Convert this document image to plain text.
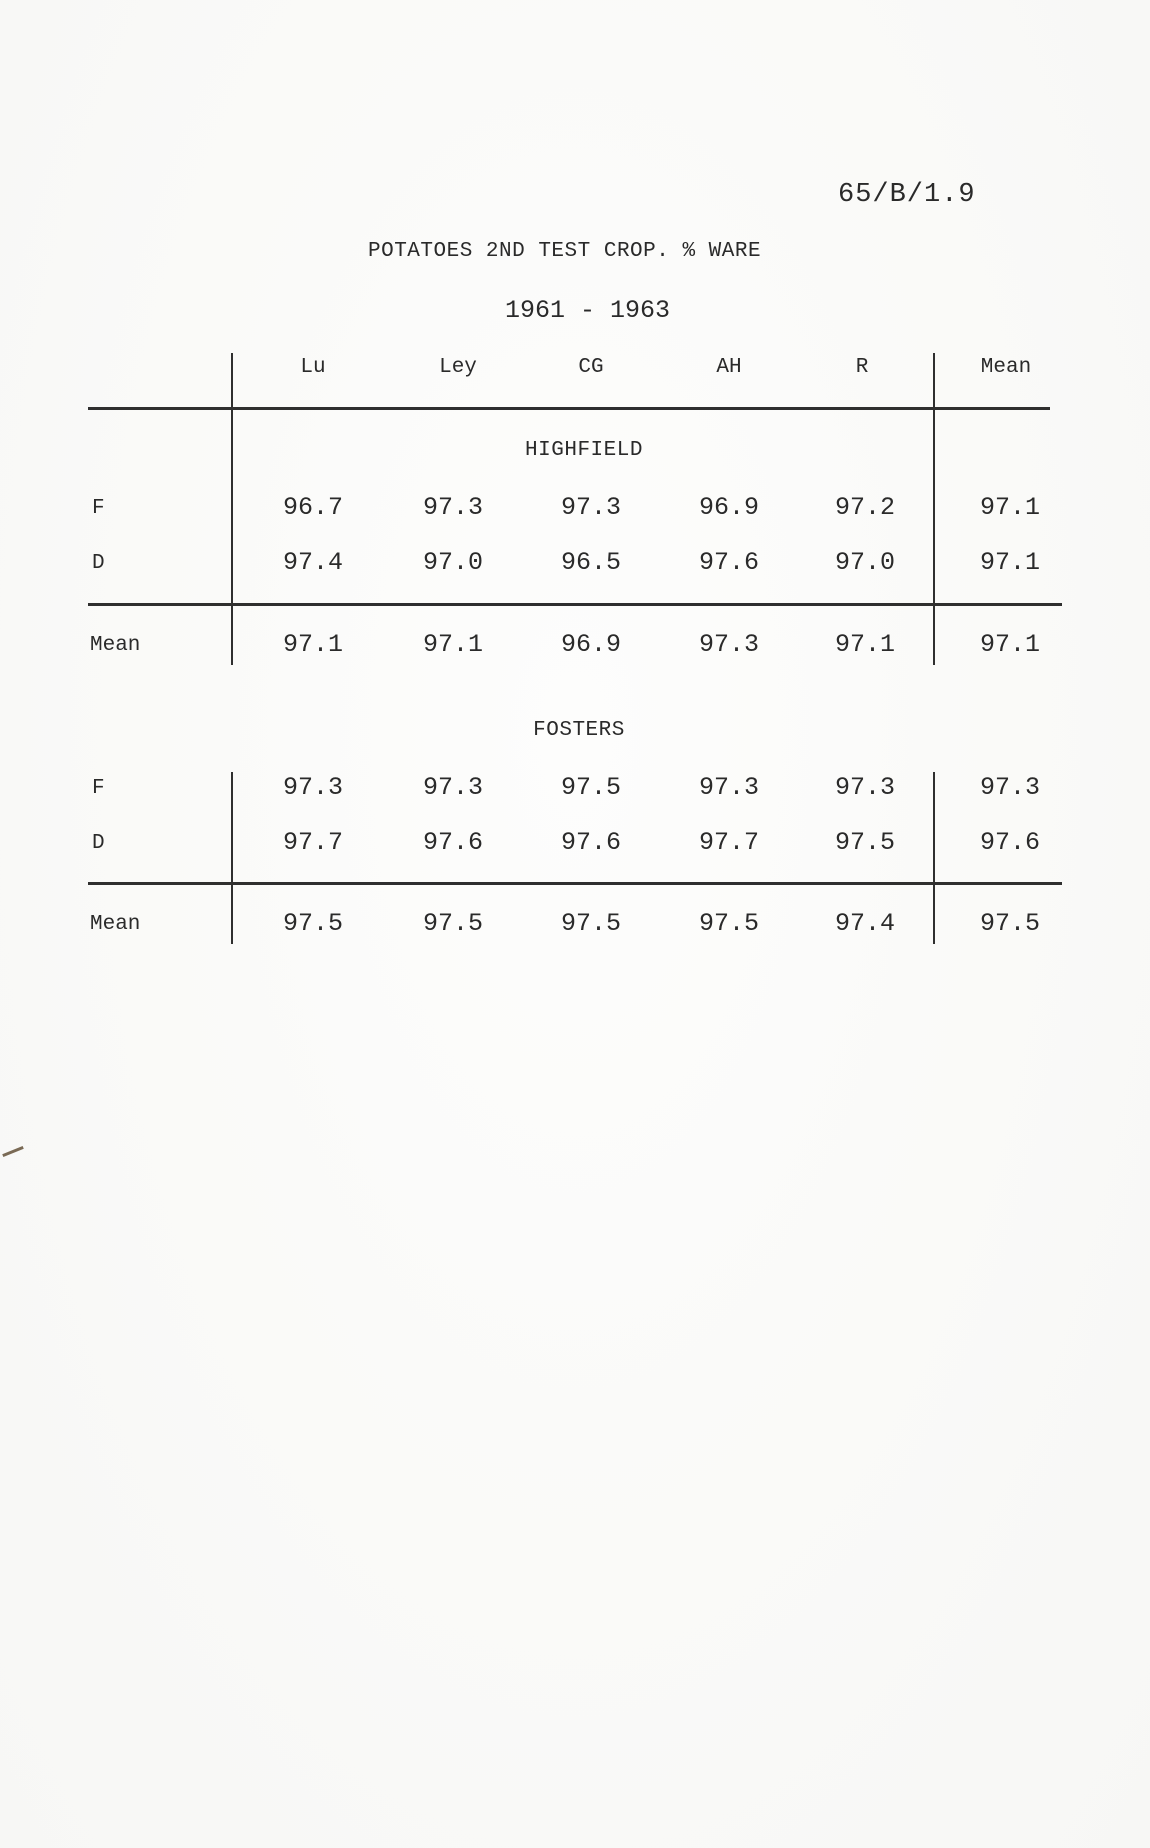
65/B/1.9
POTATOES 2ND TEST CROP. % WARE
1961 - 1963
Lu	Ley	CG	AH	R	Mean
HIGHFIELD
F	96.7	97.3	97.3	96.9	97.2	97.1
D	97.4	97.0	96.5	97.6	97.0	97.1
Mean	97.1	97.1	96.9	97.3	97.1	97.1
FOSTERS
F	97.3	97.3	97.5	97.3	97.3	97.3
D	97.7	97.6	97.6	97.7	97.5	97.6
Mean	97.5	97.5	97.5	97.5	97.4	97.5
